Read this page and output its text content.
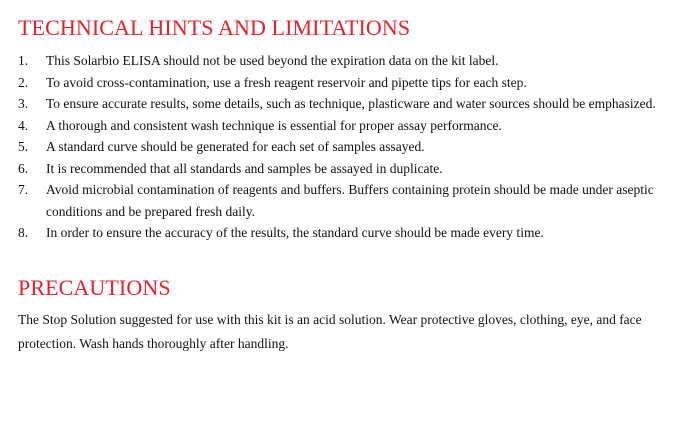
TECHNICAL HINTS AND LIMITATIONS
1. This Solarbio ELISA should not be used beyond the expiration data on the kit label.
2. To avoid cross-contamination, use a fresh reagent reservoir and pipette tips for each step.
3. To ensure accurate results, some details, such as technique, plasticware and water sources should be emphasized.
4. A thorough and consistent wash technique is essential for proper assay performance.
5. A standard curve should be generated for each set of samples assayed.
6. It is recommended that all standards and samples be assayed in duplicate.
7. Avoid microbial contamination of reagents and buffers. Buffers containing protein should be made under aseptic conditions and be prepared fresh daily.
8. In order to ensure the accuracy of the results, the standard curve should be made every time.
PRECAUTIONS

The Stop Solution suggested for use with this kit is an acid solution. Wear protective gloves, clothing, eye, and face protection. Wash hands thoroughly after handling.
